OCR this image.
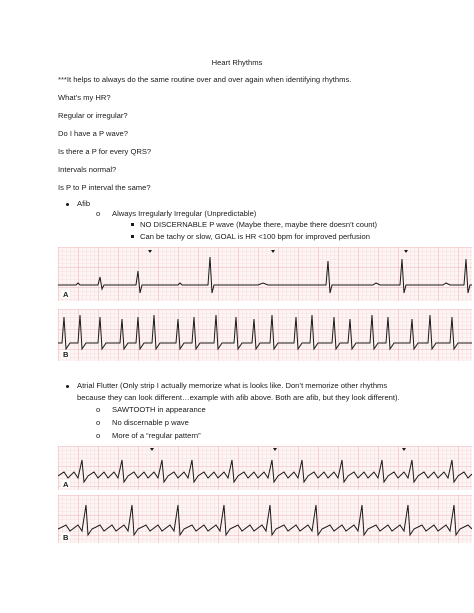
Heart Rhythms
***It helps to always do the same routine over and over again when identifying rhythms.
What’s my HR?
Regular or irregular?
Do I have a P wave?
Is there a P for every QRS?
Intervals normal?
Is P to P interval the same?
Afib
o Always Irregularly Irregular (Unpredictable)
NO DISCERNABLE P wave (Maybe there, maybe there doesn’t count)
Can be tachy or slow, GOAL is HR <100 bpm for improved perfusion
A
B
Atrial Flutter (Only strip I actually memorize what is looks like. Don’t memorize other rhythms
because they can look different…example with afib above. Both are afib, but they look different).
o SAWTOOTH in appearance
o No discernable p wave
o More of a “regular pattern”
A
B
